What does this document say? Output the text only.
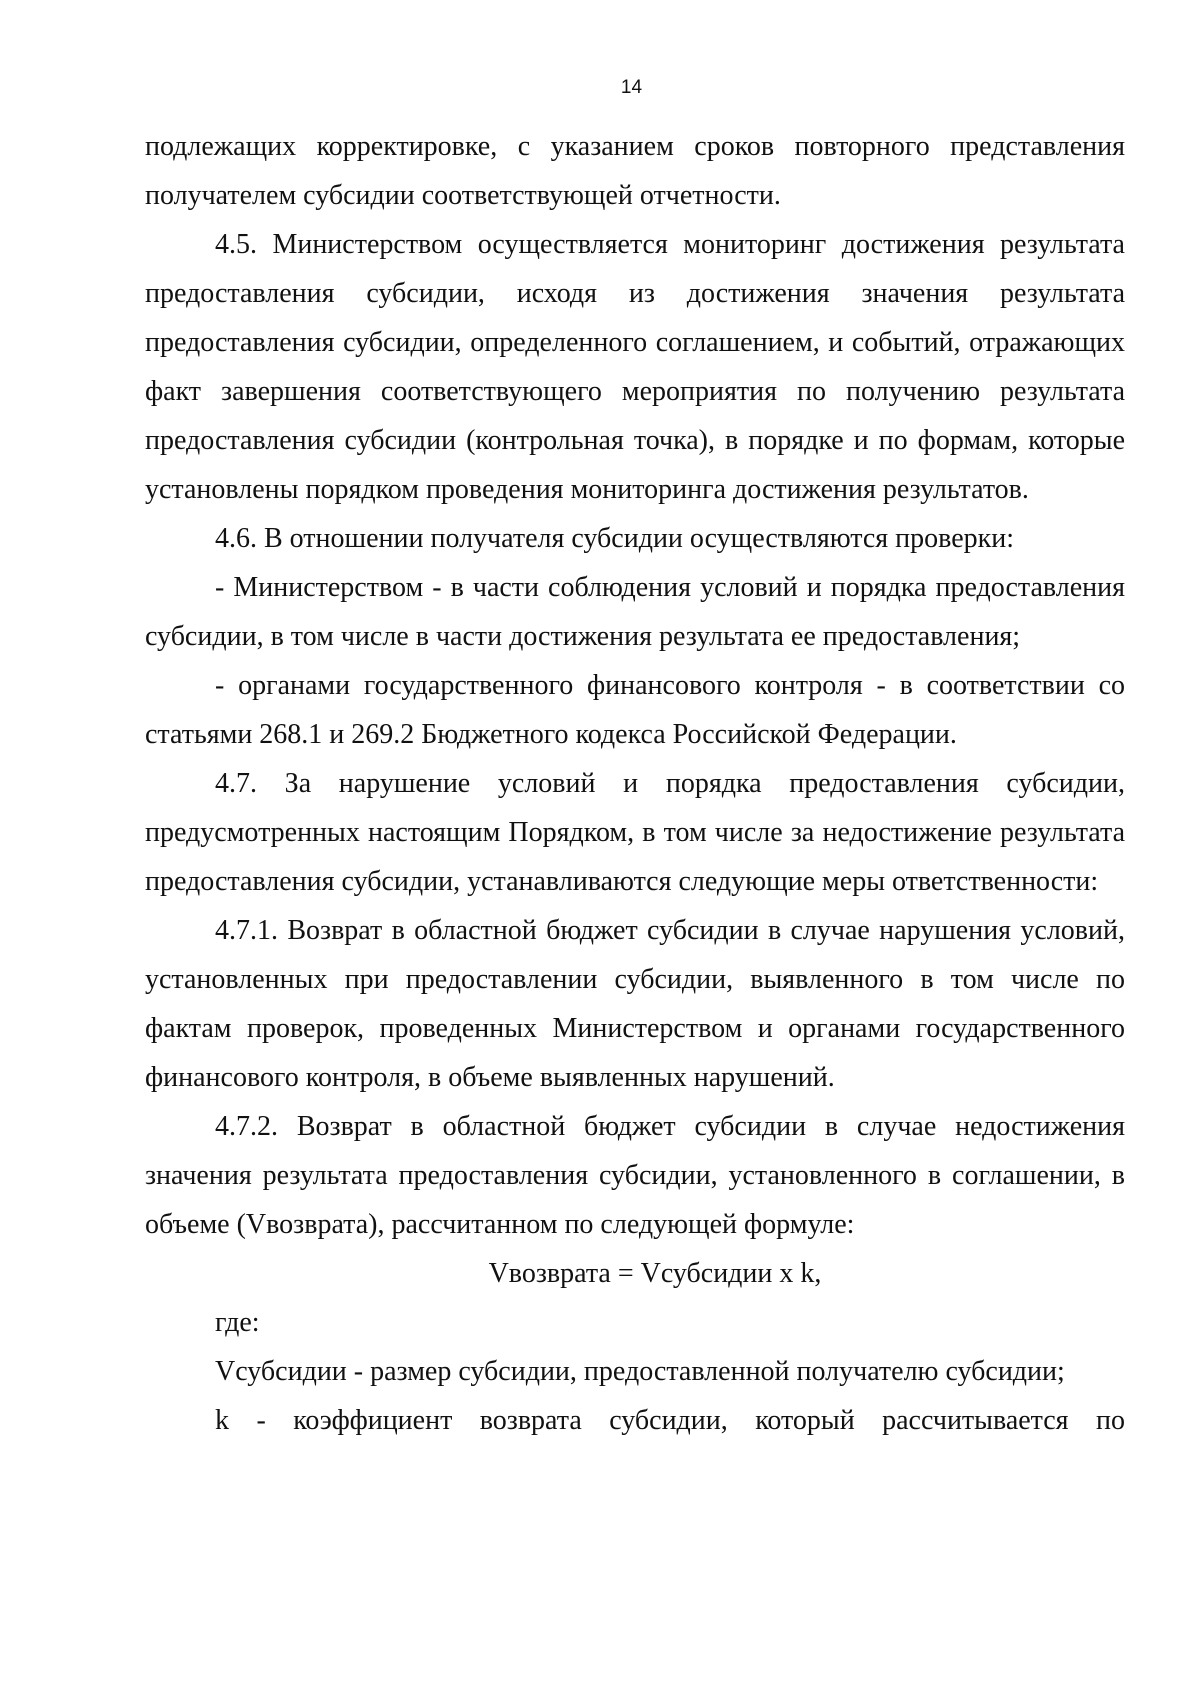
14

подлежащих корректировке, с указанием сроков повторного представления получателем субсидии соответствующей отчетности.

4.5. Министерством осуществляется мониторинг достижения результата предоставления субсидии, исходя из достижения значения результата предоставления субсидии, определенного соглашением, и событий, отражающих факт завершения соответствующего мероприятия по получению результата предоставления субсидии (контрольная точка), в порядке и по формам, которые установлены порядком проведения мониторинга достижения результатов.

4.6. В отношении получателя субсидии осуществляются проверки:

- Министерством - в части соблюдения условий и порядка предоставления субсидии, в том числе в части достижения результата ее предоставления;

- органами государственного финансового контроля - в соответствии со статьями 268.1 и 269.2 Бюджетного кодекса Российской Федерации.

4.7. За нарушение условий и порядка предоставления субсидии, предусмотренных настоящим Порядком, в том числе за недостижение результата предоставления субсидии, устанавливаются следующие меры ответственности:

4.7.1. Возврат в областной бюджет субсидии в случае нарушения условий, установленных при предоставлении субсидии, выявленного в том числе по фактам проверок, проведенных Министерством и органами государственного финансового контроля, в объеме выявленных нарушений.

4.7.2. Возврат в областной бюджет субсидии в случае недостижения значения результата предоставления субсидии, установленного в соглашении, в объеме (Vвозврата), рассчитанном по следующей формуле:

Vвозврата = Vсубсидии x k,

где:

Vсубсидии - размер субсидии, предоставленной получателю субсидии;

k - коэффициент возврата субсидии, который рассчитывается по
